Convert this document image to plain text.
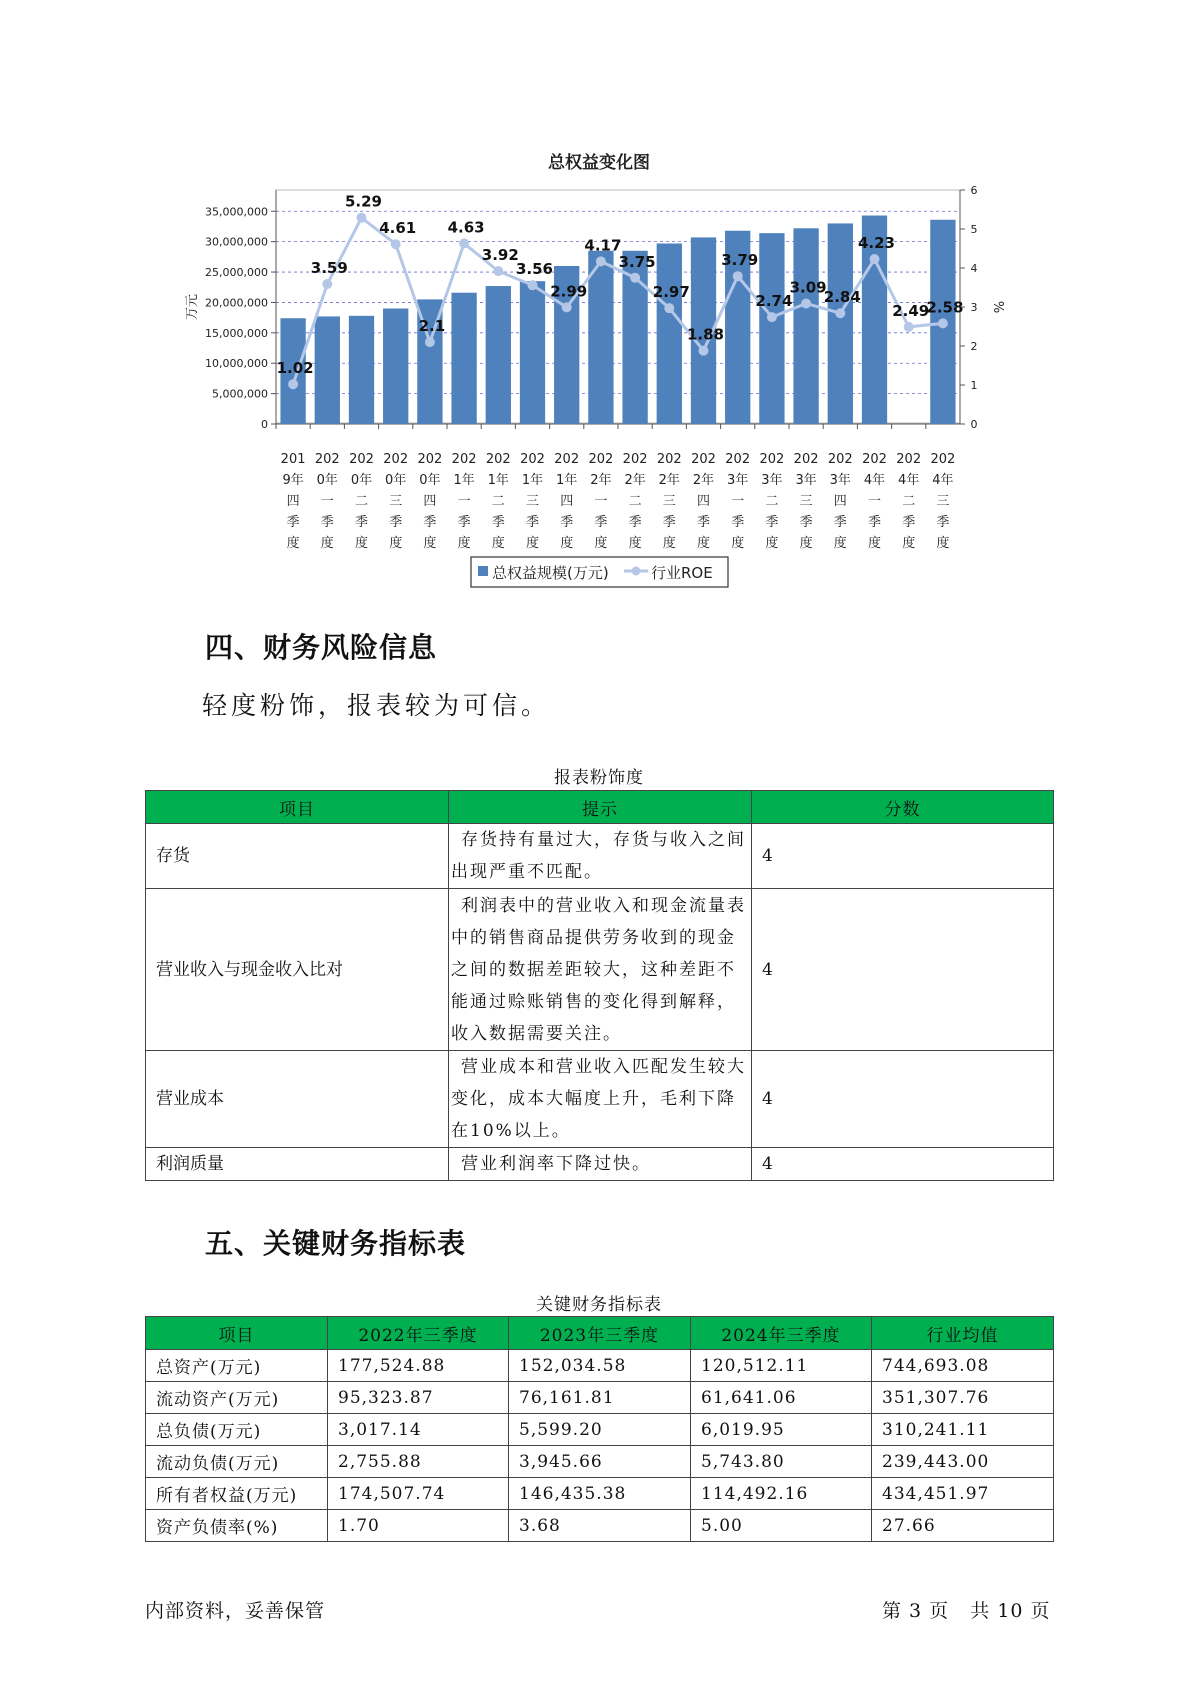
总权益变化图
1.02
3.59
5.29
4.61
2.1
4.63
3.92
3.56
2.99
4.17
3.75
2.97
1.88
3.79
2.74
3.09
2.84
4.23
2.49
2.58
0
5,000,000
10,000,000
15,000,000
20,000,000
25,000,000
30,000,000
35,000,000
0
1
2
3
4
5
6
201
9年
四
季
度
202
0年
一
季
度
202
0年
二
季
度
202
0年
三
季
度
202
0年
四
季
度
202
1年
一
季
度
202
1年
二
季
度
202
1年
三
季
度
202
1年
四
季
度
202
2年
一
季
度
202
2年
二
季
度
202
2年
三
季
度
202
2年
四
季
度
202
3年
一
季
度
202
3年
二
季
度
202
3年
三
季
度
202
3年
四
季
度
202
4年
一
季
度
202
4年
二
季
度
202
4年
三
季
度
万元	%
总权益规模(万元)	行业ROE
四、财务风险信息
轻度粉饰，报表较为可信。
报表粉饰度
项目	提示	分数
存货	存货持有量过大，存货与收入之间出现严重不匹配。	4
营业收入与现金收入比对	利润表中的营业收入和现金流量表中的销售商品提供劳务收到的现金之间的数据差距较大，这种差距不能通过赊账销售的变化得到解释，收入数据需要关注。	4
营业成本	营业成本和营业收入匹配发生较大变化，成本大幅度上升，毛利下降在10%以上。	4
利润质量	营业利润率下降过快。	4
五、关键财务指标表
关键财务指标表
项目	2022年三季度	2023年三季度	2024年三季度	行业均值
总资产(万元)	177,524.88	152,034.58	120,512.11	744,693.08
流动资产(万元)	95,323.87	76,161.81	61,641.06	351,307.76
总负债(万元)	3,017.14	5,599.20	6,019.95	310,241.11
流动负债(万元)	2,755.88	3,945.66	5,743.80	239,443.00
所有者权益(万元)	174,507.74	146,435.38	114,492.16	434,451.97
资产负债率(%)	1.70	3.68	5.00	27.66
内部资料，妥善保管	第 3 页   共 10 页
